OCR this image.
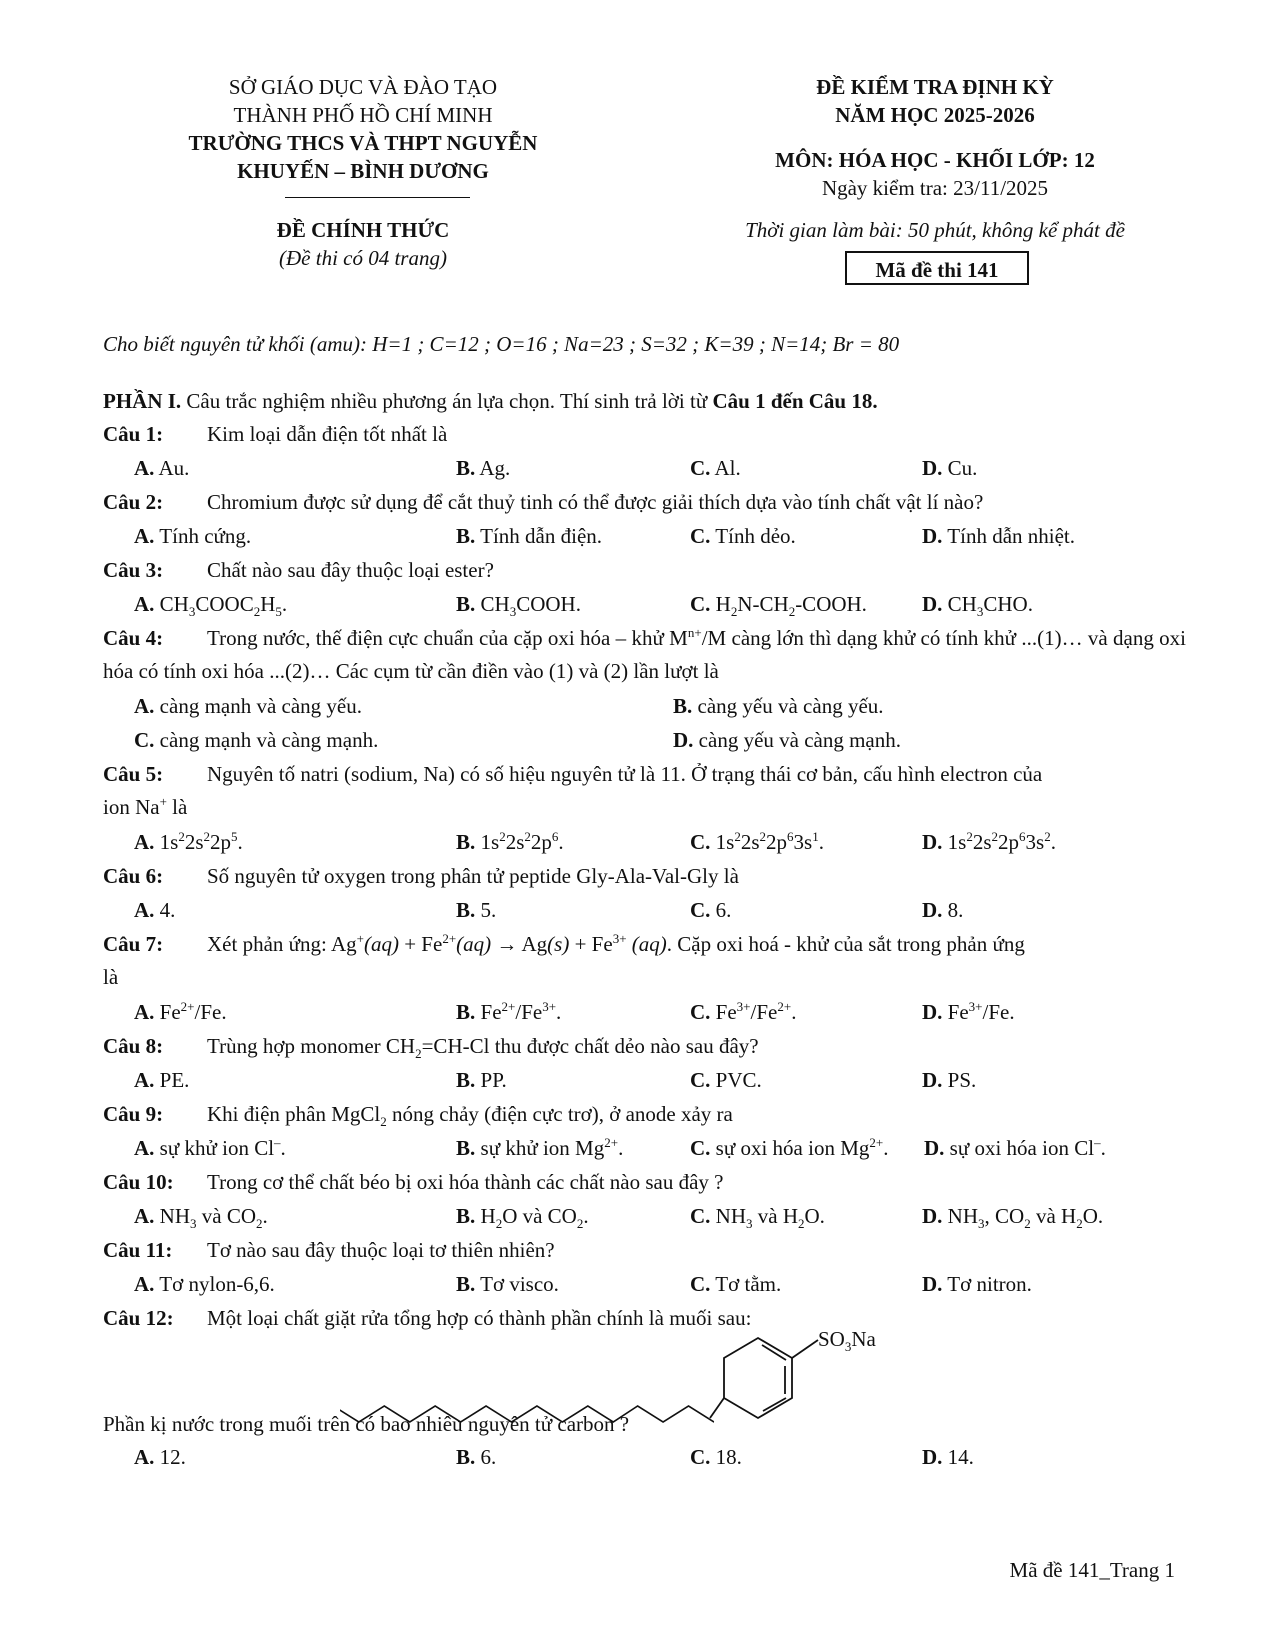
SỞ GIÁO DỤC VÀ ĐÀO TẠO
THÀNH PHỐ HỒ CHÍ MINH
TRƯỜNG THCS VÀ THPT NGUYỄN
KHUYẾN – BÌNH DƯƠNG
ĐỀ CHÍNH THỨC
(Đề thi có 04 trang)
ĐỀ KIỂM TRA ĐỊNH KỲ
NĂM HỌC 2025-2026
MÔN: HÓA HỌC - KHỐI LỚP: 12
Ngày kiểm tra: 23/11/2025
Thời gian làm bài: 50 phút, không kể phát đề
Mã đề thi 141
Cho biết nguyên tử khối (amu): H=1 ; C=12 ; O=16 ; Na=23 ; S=32 ; K=39 ; N=14; Br = 80
PHẦN I. Câu trắc nghiệm nhiều phương án lựa chọn. Thí sinh trả lời từ Câu 1 đến Câu 18.
Câu 1: Kim loại dẫn điện tốt nhất là
A. Au.	B. Ag.	C. Al.	D. Cu.
Câu 2: Chromium được sử dụng để cắt thuỷ tinh có thể được giải thích dựa vào tính chất vật lí nào?
A. Tính cứng.	B. Tính dẫn điện.	C. Tính dẻo.	D. Tính dẫn nhiệt.
Câu 3: Chất nào sau đây thuộc loại ester?
A. $CH_3COOC_2H_5$.	B. $CH_3COOH$.	C. $H_2N-CH_2$-COOH.	D. $CH_3CHO$.
Câu 4: Trong nước, thế điện cực chuẩn của cặp oxi hóa – khử $M^{n+}/M$ càng lớn thì dạng khử có tính khử ...(1)… và dạng oxi hóa có tính oxi hóa ...(2)… Các cụm từ cần điền vào (1) và (2) lần lượt là
A. càng mạnh và càng yếu.	B. càng yếu và càng yếu.
C. càng mạnh và càng mạnh.	D. càng yếu và càng mạnh.
Câu 5: Nguyên tố natri (sodium, Na) có số hiệu nguyên tử là 11. Ở trạng thái cơ bản, cấu hình electron của
ion Na+ là
A. $1s^22s^22p^5$.	B. $1s^22s^22p^6$.	C. $1s^22s^22p^63s^1$.	D. $1s^22s^22p^63s^2$.
Câu 6: Số nguyên tử oxygen trong phân tử peptide Gly-Ala-Val-Gly là
A. 4.	B. 5.	C. 6.	D. 8.
Câu 7: Xét phản ứng: $Ag^+(aq) + Fe^{2+}(aq) \to Ag(s) + Fe^{3+}$ (aq). Cặp oxi hoá - khử của sắt trong phản ứng
là
A. $Fe^{2+}/Fe$.	B. $Fe^{2+}/Fe^{3+}$.	C. $Fe^{3+}/Fe^{2+}$.	D. $Fe^{3+}/Fe$.
Câu 8: Trùng hợp monomer $CH_2=CH-Cl$ thu được chất dẻo nào sau đây?
A. PE.	B. PP.	C. PVC.	D. PS.
Câu 9: Khi điện phân MgCl$_2$ nóng chảy (điện cực trơ), ở anode xảy ra
A. sự khử ion Cl–.	B. sự khử ion $Mg^{2+}$.	C. sự oxi hóa ion $Mg^{2+}$. D. sự oxi hóa ion Cl–.
Câu 10: Trong cơ thể chất béo bị oxi hóa thành các chất nào sau đây ?
A. $NH_3$ và $CO_2$.	B. $H_2O$ và $CO_2$.	C. $NH_3$ và $H_2O$.	D. $NH_3$, $CO_2$ và $H_2O$.
Câu 11: Tơ nào sau đây thuộc loại tơ thiên nhiên?
A. Tơ nylon-6,6.	B. Tơ visco.	C. Tơ tằm.	D. Tơ nitron.
Câu 12: Một loại chất giặt rửa tổng hợp có thành phần chính là muối sau:
$SO_3Na$
Phần kị nước trong muối trên có bao nhiêu nguyên tử carbon ?
A. 12.	B. 6.	C. 18.	D. 14.
Mã đề 141_Trang 1
